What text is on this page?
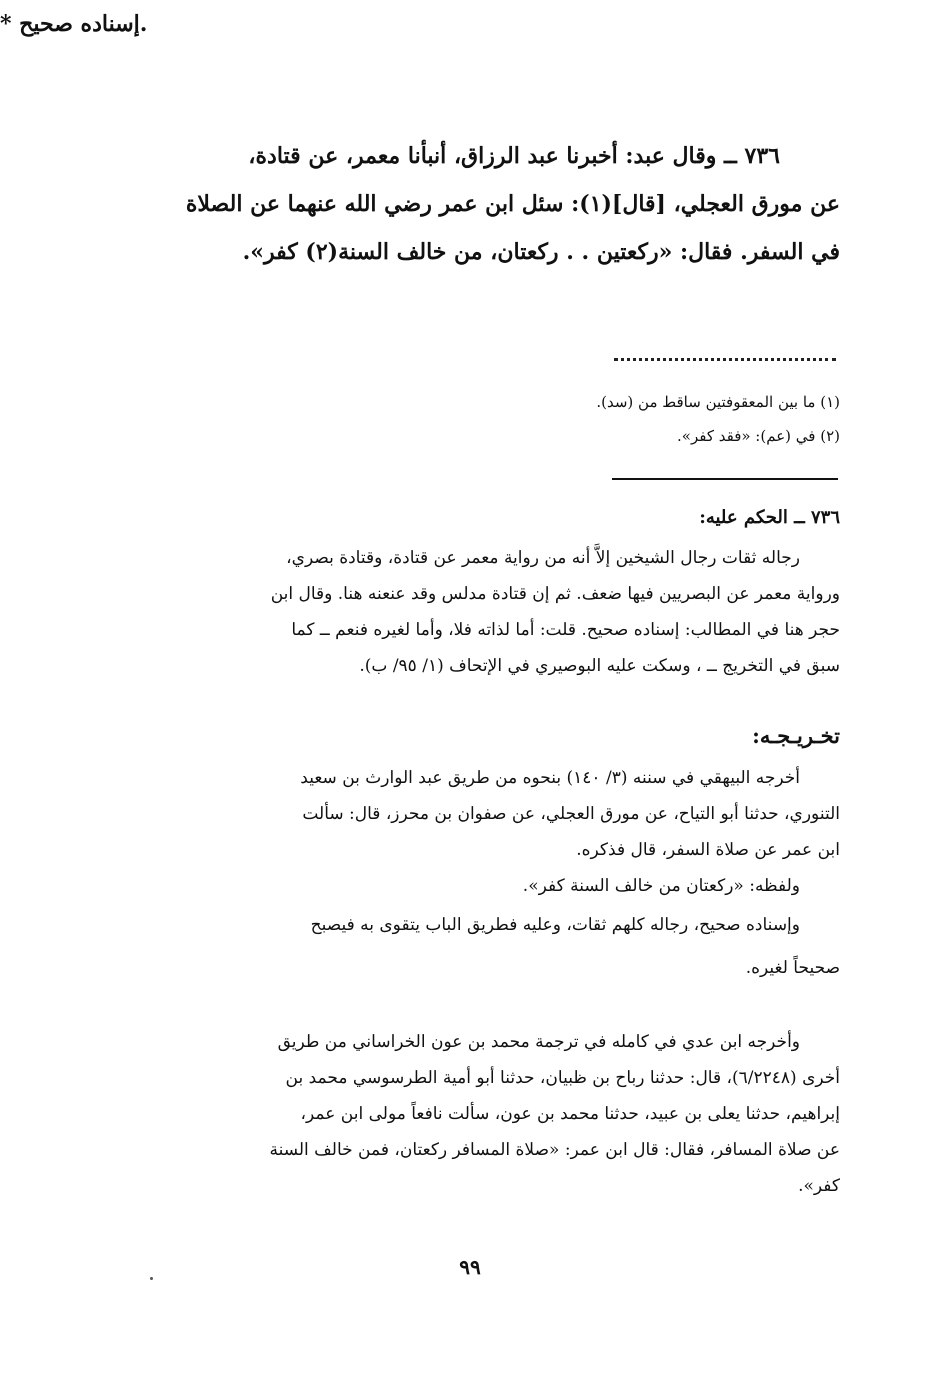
٧٣٦ ــ وقال عبد: أخبرنا عبد الرزاق، أنبأنا معمر، عن قتادة،
عن مورق العجلي، [قال](١): سئل ابن عمر رضي الله عنهما عن الصلاة
في السفر. فقال: «ركعتين . . ركعتان، من خالف السنة(٢) كفر».
* إسناده صحيح.
(١) ما بين المعقوفتين ساقط من (سد).
(٢) في (عم): «فقد كفر».
٧٣٦ ــ الحكم عليه:
رجاله ثقات رجال الشيخين إلاَّ أنه من رواية معمر عن قتادة، وقتادة بصري،
ورواية معمر عن البصريين فيها ضعف. ثم إن قتادة مدلس وقد عنعنه هنا. وقال ابن
حجر هنا في المطالب: إسناده صحيح. قلت: أما لذاته فلا، وأما لغيره فنعم ــ كما
سبق في التخريج ــ ، وسكت عليه البوصيري في الإتحاف (١/ ٩٥/ ب).
تخـريـجـه:
أخرجه البيهقي في سننه (٣/ ١٤٠) بنحوه من طريق عبد الوارث بن سعيد
التنوري، حدثنا أبو التياح، عن مورق العجلي، عن صفوان بن محرز، قال: سألت
ابن عمر عن صلاة السفر، قال فذكره.
ولفظه: «ركعتان من خالف السنة كفر».
وإسناده صحيح، رجاله كلهم ثقات، وعليه فطريق الباب يتقوى به فيصبح
صحيحاً لغيره.
وأخرجه ابن عدي في كامله في ترجمة محمد بن عون الخراساني من طريق
أخرى (٦/٢٢٤٨)، قال: حدثنا رباح بن ظبيان، حدثنا أبو أمية الطرسوسي محمد بن
إبراهيم، حدثنا يعلى بن عبيد، حدثنا محمد بن عون، سألت نافعاً مولى ابن عمر،
عن صلاة المسافر، فقال: قال ابن عمر: «صلاة المسافر ركعتان، فمن خالف السنة
كفر».
٩٩
